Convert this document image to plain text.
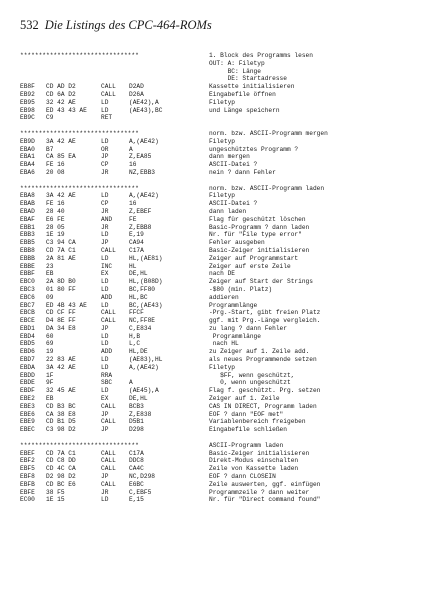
532 Die Listings des CPC-464-ROMs
********************************	1. Block des Programms lesen
OUT: A: Filetyp
BC: Länge
DE: Startadresse
EB8F CD AD D2	CALL D2AD	Kassette initialisieren
EB92 CD 6A D2	CALL D26A	Eingabefile öffnen
EB95 32 42 AE	LD	(AE42),A	Filetyp
EB98 ED 43 43 AE LD	(AE43),BC	und Länge speichern
EB9C C9	RET
********************************	norm. bzw. ASCII-Programm mergen
EB9D 3A 42 AE	LD	A,(AE42)	Filetyp
EBA0 B7	OR	A	ungeschütztes Programm ?
EBA1 CA 85 EA	JP	Z,EA85	dann mergen
EBA4 FE 16	CP	16	ASCII-Datei ?
EBA6 20 08	JR	NZ,EBB3	nein ? dann Fehler
********************************	norm. bzw. ASCII-Programm laden
EBA8 3A 42 AE	LD	A,(AE42)	Filetyp
EBAB FE 16	CP	16	ASCII-Datei ?
EBAD 28 40	JR	Z,EBEF	dann laden
EBAF E6 FE	AND	FE	Flag für geschützt löschen
EBB1 28 05	JR	Z,EBB8	Basic-Programm ? dann laden
EBB3 1E 19	LD	E,19	Nr. für "File type error"
EBB5 C3 94 CA	JP	CA94	Fehler ausgeben
EBB8 CD 7A C1	CALL C17A	Basic-Zeiger initialisieren
EBBB 2A 81 AE	LD	HL,(AE81)	Zeiger auf Programmstart
EBBE 23	INC	HL	Zeiger auf erste Zeile
EBBF EB	EX	DE,HL	nach DE
EBC0 2A 8D B0	LD	HL,(B08D)	Zeiger auf Start der Strings
EBC3 01 80 FF	LD	BC,FF80	-$80 (min. Platz)
EBC6 09	ADD	HL,BC	addieren
EBC7 ED 4B 43 AE LD	BC,(AE43)	Programmlänge
EBCB CD CF FF	CALL FFCF	-Prg.-Start, gibt freien Platz
EBCE D4 8E FF	CALL NC,FF8E	ggf. mit Prg.-Länge vergleich.
EBD1 DA 34 E8	JP	C,E834	zu lang ? dann Fehler
EBD4 60	LD	H,B	Programmlänge
EBD5 69	LD	L,C	nach HL
EBD6 19	ADD	HL,DE	zu Zeiger auf 1. Zeile add.
EBD7 22 83 AE	LD	(AE83),HL	als neues Programmende setzen
EBDA 3A 42 AE	LD	A,(AE42)	Filetyp
EBDD 1F	RRA	$FF, wenn geschützt,
EBDE 9F	SBC	A	0, wenn ungeschützt
EBDF 32 45 AE	LD	(AE45),A	Flag f. geschützt. Prg. setzen
EBE2 EB	EX	DE,HL	Zeiger auf 1. Zeile
EBE3 CD B3 BC	CALL BCB3	CAS IN DIRECT, Programm laden
EBE6 CA 38 E8	JP	Z,E838	EOF ? dann "EOF met"
EBE9 CD B1 D5	CALL D5B1	Variablenbereich freigeben
EBEC C3 98 D2	JP	D298	Eingabefile schließen
********************************	ASCII-Programm laden
EBEF CD 7A C1	CALL C17A	Basic-Zeiger initialisieren
EBF2 CD C8 DD	CALL DDC8	Direkt-Modus einschalten
EBF5 CD 4C CA	CALL CA4C	Zeile von Kassette laden
EBF8 D2 98 D2	JP	NC,D298	EOF ? dann CLOSEIN
EBFB CD BC E6	CALL E6BC	Zeile auswerten, ggf. einfügen
EBFE 38 F5	JR	C,EBF5	Programmzeile ? dann weiter
EC00 1E 15	LD	E,15	Nr. für "Direct command found"
